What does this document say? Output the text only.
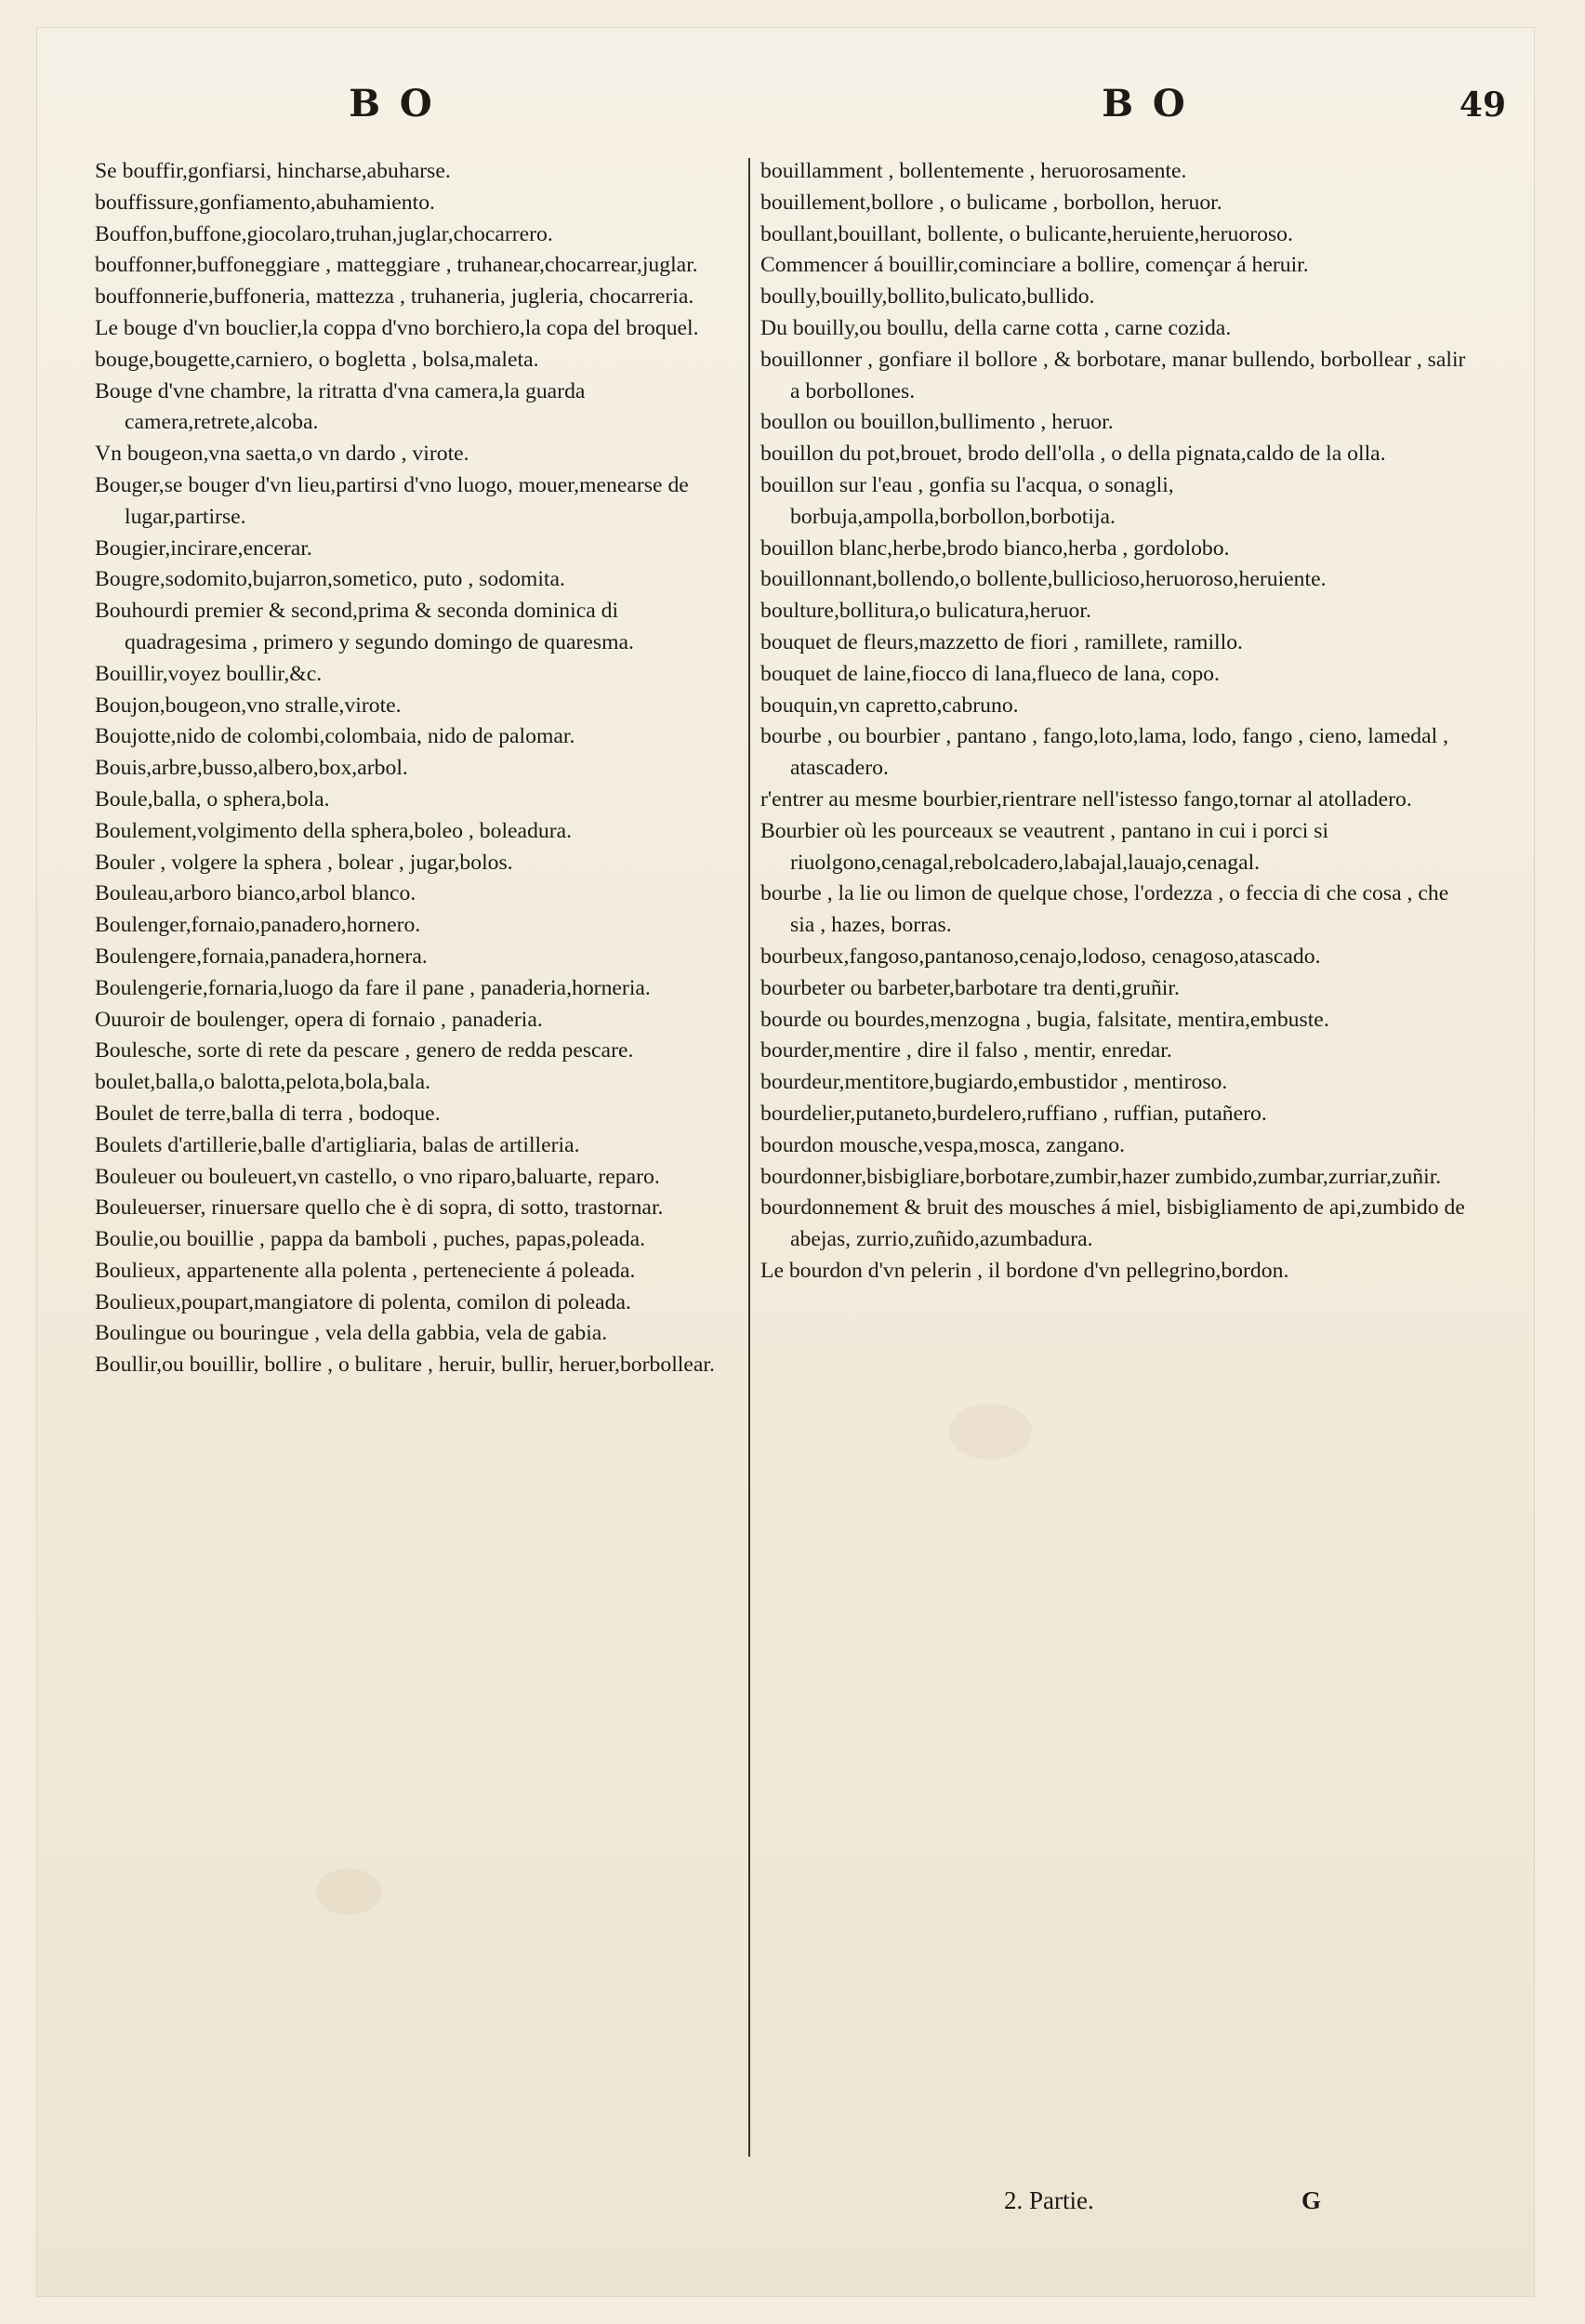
BO	BO	49

Se bouffir,gonfiarsi, hincharse,abuharse.

bouffissure,gonfiamento,abuhamiento.

Bouffon,buffone,giocolaro,truhan,juglar,chocarrero.

bouffonner,buffoneggiare , matteggiare , truhanear,chocarrear,juglar.

bouffonnerie,buffoneria, mattezza , truhaneria, jugleria, chocarreria.

Le bouge d'vn bouclier,la coppa d'vno borchiero,la copa del broquel.

bouge,bougette,carniero, o bogletta , bolsa,maleta.

Bouge d'vne chambre, la ritratta d'vna camera,la guarda camera,retrete,alcoba.

Vn bougeon,vna saetta,o vn dardo , virote.

Bouger,se bouger d'vn lieu,partirsi d'vno luogo, mouer,menearse de lugar,partirse.

Bougier,incirare,encerar.

Bougre,sodomito,bujarron,sometico, puto , sodomita.

Bouhourdi premier & second,prima & seconda dominica di quadragesima , primero y segundo domingo de quaresma.

Bouillir,voyez boullir,&c.

Boujon,bougeon,vno stralle,virote.

Boujotte,nido de colombi,colombaia, nido de palomar.

Bouis,arbre,busso,albero,box,arbol.

Boule,balla, o sphera,bola.

Boulement,volgimento della sphera,boleo , boleadura.

Bouler , volgere la sphera , bolear , jugar,bolos.

Bouleau,arboro bianco,arbol blanco.

Boulenger,fornaio,panadero,hornero.

Boulengere,fornaia,panadera,hornera.

Boulengerie,fornaria,luogo da fare il pane , panaderia,horneria.

Ouuroir de boulenger, opera di fornaio , panaderia.

Boulesche, sorte di rete da pescare , genero de redda pescare.

boulet,balla,o balotta,pelota,bola,bala.

Boulet de terre,balla di terra , bodoque.

Boulets d'artillerie,balle d'artigliaria, balas de artilleria.

Bouleuer ou bouleuert,vn castello, o vno riparo,baluarte, reparo.

Bouleuerser, rinuersare quello che è di sopra, di sotto, trastornar.

Boulie,ou bouillie , pappa da bamboli , puches, papas,poleada.

Boulieux, appartenente alla polenta , perteneciente á poleada.

Boulieux,poupart,mangiatore di polenta, comilon di poleada.

Boulingue ou bouringue , vela della gabbia, vela de gabia.

Boullir,ou bouillir, bollire , o bulitare , heruir, bullir, heruer,borbollear.

bouillamment , bollentemente , heruorosamente.

bouillement,bollore , o bulicame , borbollon, heruor.

boullant,bouillant, bollente, o bulicante,heruiente,heruoroso.

Commencer á bouillir,cominciare a bollire, començar á heruir.

boully,bouilly,bollito,bulicato,bullido.

Du bouilly,ou boullu, della carne cotta , carne cozida.

bouillonner , gonfiare il bollore , & borbotare, manar bullendo, borbollear , salir a borbollones.

boullon ou bouillon,bullimento , heruor.

bouillon du pot,brouet, brodo dell'olla , o della pignata,caldo de la olla.

bouillon sur l'eau , gonfia su l'acqua, o sonagli, borbuja,ampolla,borbollon,borbotija.

bouillon blanc,herbe,brodo bianco,herba , gordolobo.

bouillonnant,bollendo,o bollente,bullicioso,heruoroso,heruiente.

boulture,bollitura,o bulicatura,heruor.

bouquet de fleurs,mazzetto de fiori , ramillete, ramillo.

bouquet de laine,fiocco di lana,flueco de lana, copo.

bouquin,vn capretto,cabruno.

bourbe , ou bourbier , pantano , fango,loto,lama, lodo, fango , cieno, lamedal , atascadero.

r'entrer au mesme bourbier,rientrare nell'istesso fango,tornar al atolladero.

Bourbier où les pourceaux se veautrent , pantano in cui i porci si riuolgono,cenagal,rebolcadero,labajal,lauajo,cenagal.

bourbe , la lie ou limon de quelque chose, l'ordezza , o feccia di che cosa , che sia , hazes, borras.

bourbeux,fangoso,pantanoso,cenajo,lodoso, cenagoso,atascado.

bourbeter ou barbeter,barbotare tra denti,gruñir.

bourde ou bourdes,menzogna , bugia, falsitate, mentira,embuste.

bourder,mentire , dire il falso , mentir, enredar.

bourdeur,mentitore,bugiardo,embustidor , mentiroso.

bourdelier,putaneto,burdelero,ruffiano , ruffian, putañero.

bourdon mousche,vespa,mosca, zangano.

bourdonner,bisbigliare,borbotare,zumbir,hazer zumbido,zumbar,zurriar,zuñir.

bourdonnement & bruit des mousches á miel, bisbigliamento de api,zumbido de abejas, zurrio,zuñido,azumbadura.

Le bourdon d'vn pelerin , il bordone d'vn pellegrino,bordon.

2. Partie.	G
